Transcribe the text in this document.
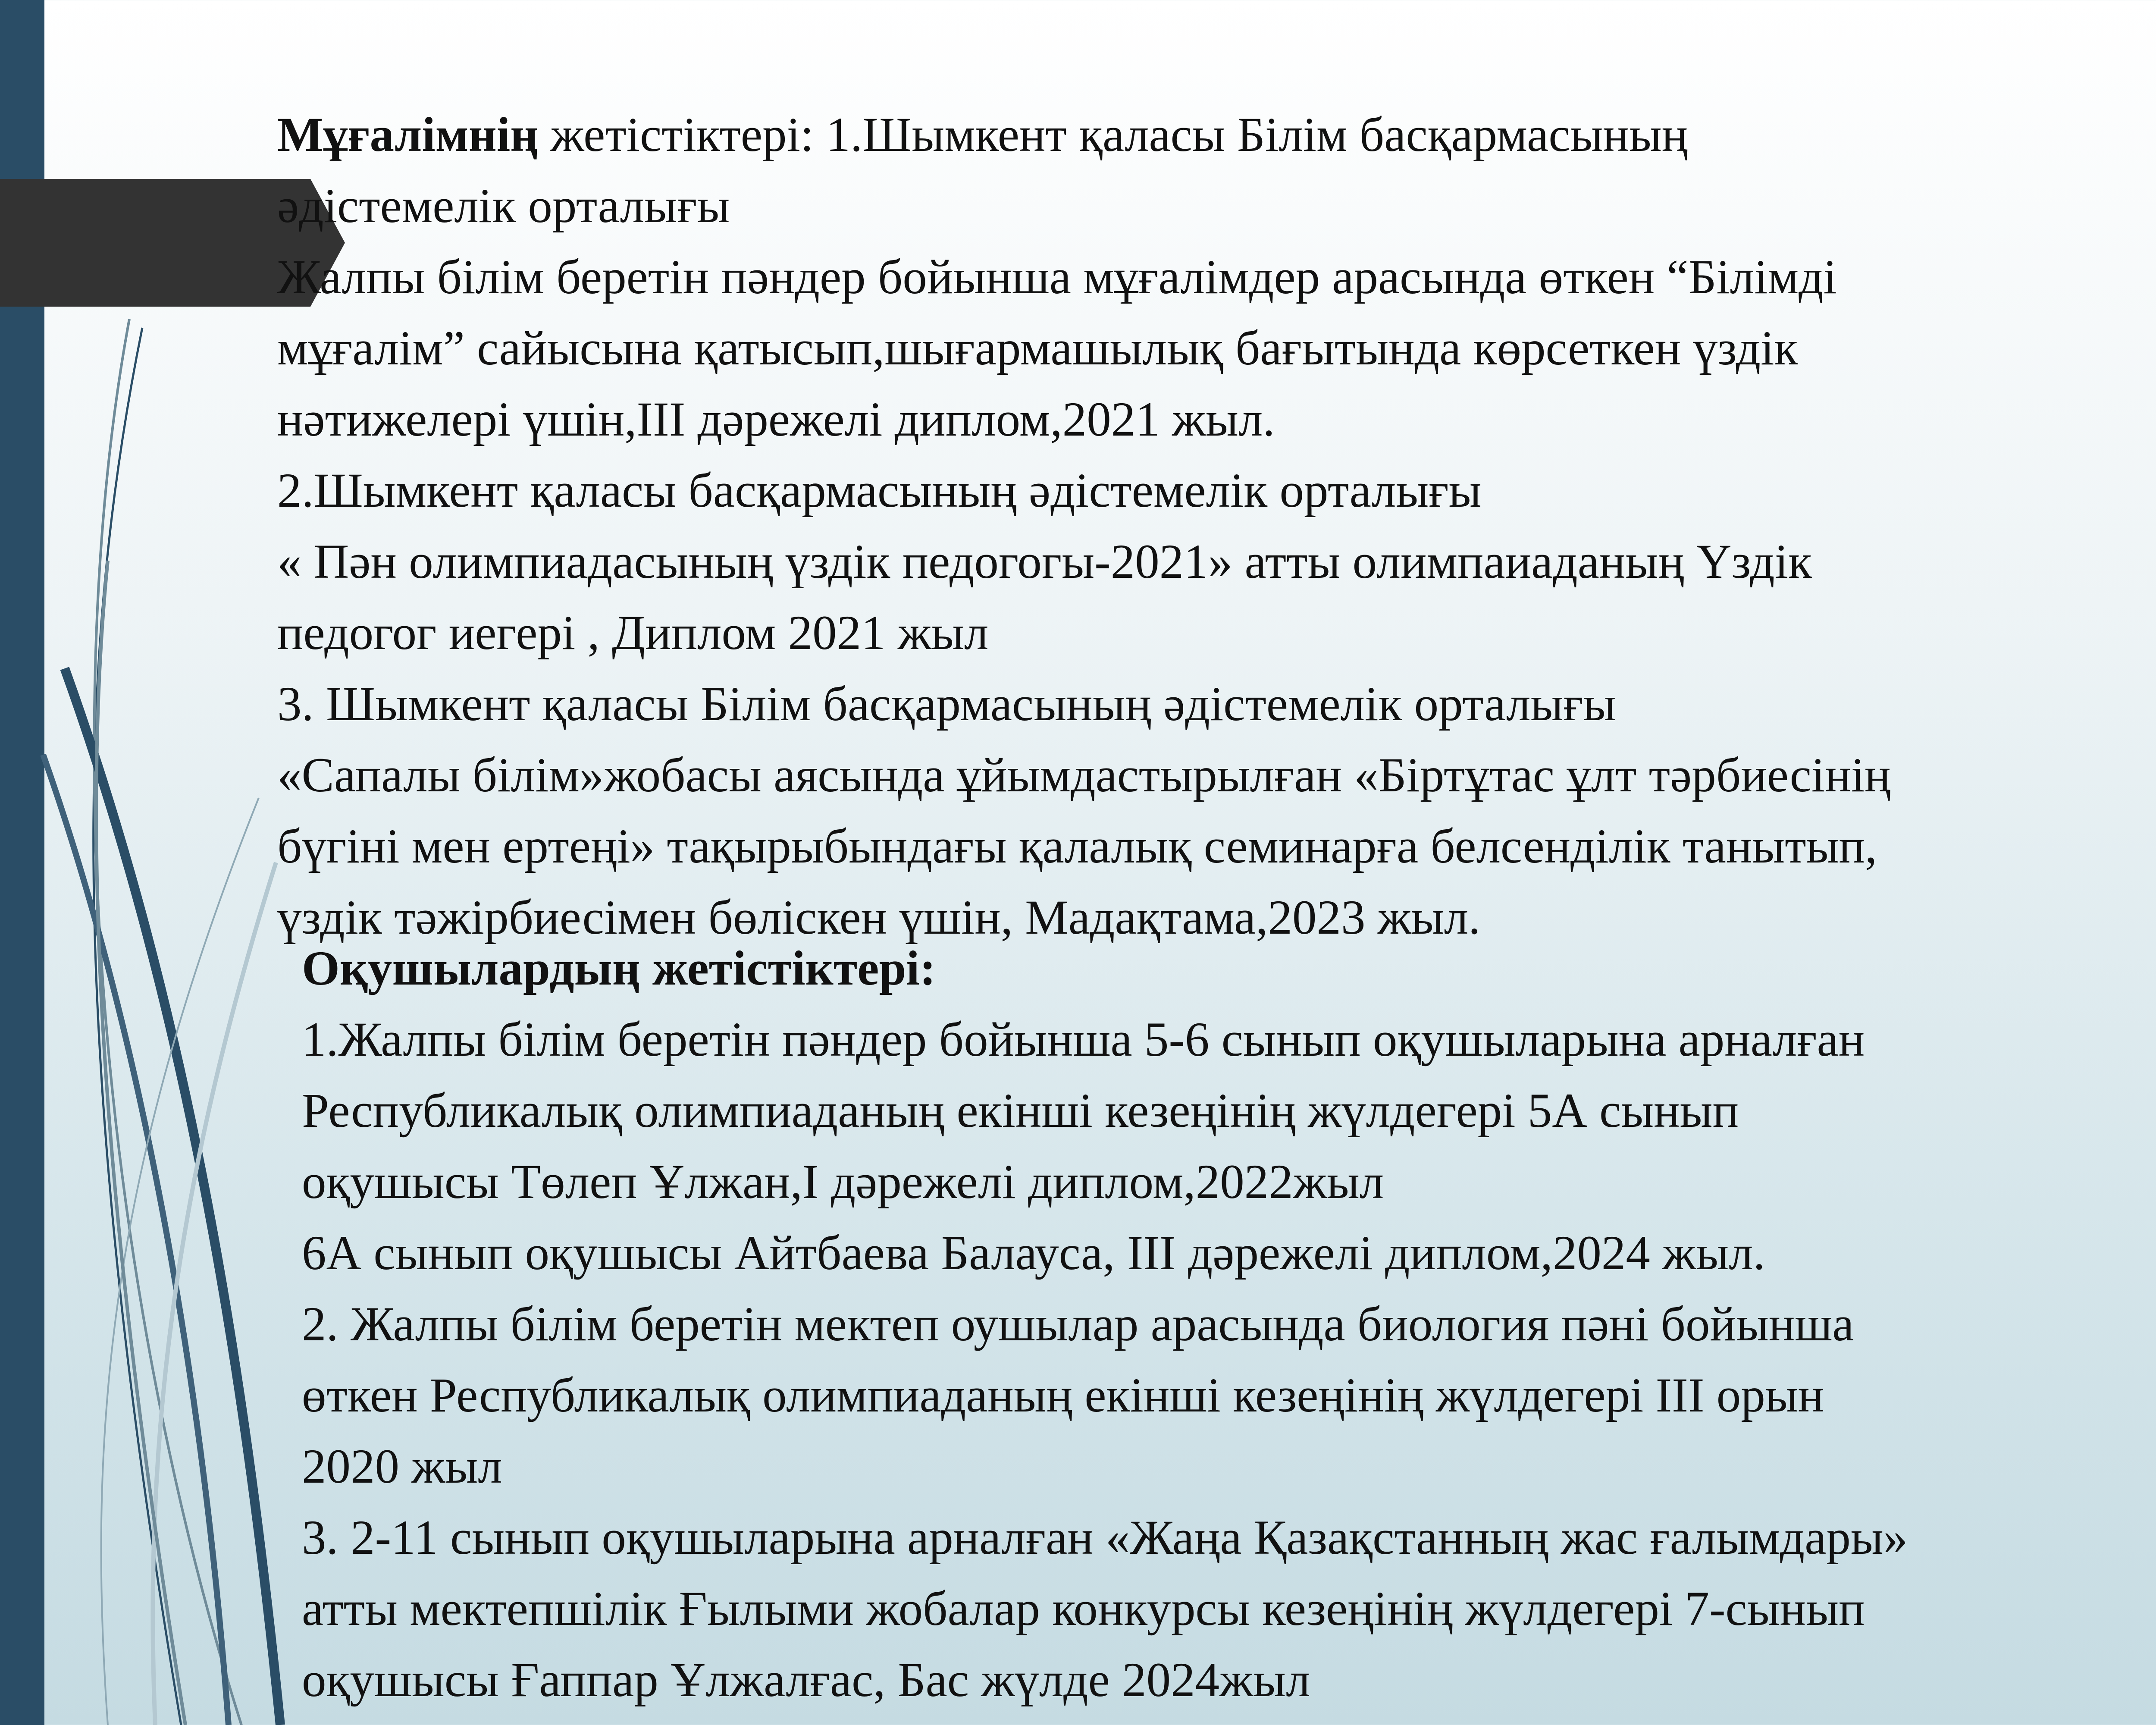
Мұғалімнің жетістіктері: 1.Шымкент қаласы Білім басқармасының
әдістемелік орталығы
Жалпы білім беретін пәндер бойынша мұғалімдер арасында өткен “Білімді
мұғалім” сайысына қатысып,шығармашылық бағытында көрсеткен үздік
нәтижелері үшін,ІІІ дәрежелі диплом,2021 жыл.
2.Шымкент қаласы басқармасының әдістемелік орталығы
« Пән олимпиадасының үздік педогогы-2021» атты олимпаиаданың Үздік
педогог иегері , Диплом 2021 жыл
3. Шымкент қаласы Білім басқармасының әдістемелік орталығы
«Сапалы білім»жобасы аясында ұйымдастырылған «Біртұтас ұлт тәрбиесінің
бүгіні мен ертеңі» тақырыбындағы қалалық семинарға белсенділік танытып,
үздік тәжірбиесімен бөліскен үшін, Мадақтама,2023 жыл.
Оқушылардың жетістіктері:
1.Жалпы білім беретін пәндер бойынша 5-6 сынып оқушыларына арналған
Республикалық олимпиаданың екінші кезеңінің жүлдегері 5А сынып
оқушысы Төлеп Ұлжан,І дәрежелі диплом,2022жыл
6А сынып оқушысы Айтбаева Балауса, ІІІ дәрежелі диплом,2024 жыл.
2. Жалпы білім беретін мектеп оушылар арасында биология пәні бойынша
өткен Республикалық олимпиаданың екінші кезеңінің жүлдегері ІІІ орын
2020 жыл
3. 2-11 сынып оқушыларына арналған «Жаңа Қазақстанның жас ғалымдары»
атты мектепшілік Ғылыми жобалар конкурсы кезеңінің жүлдегері 7-сынып
оқушысы Ғаппар Ұлжалғас, Бас жүлде 2024жыл
